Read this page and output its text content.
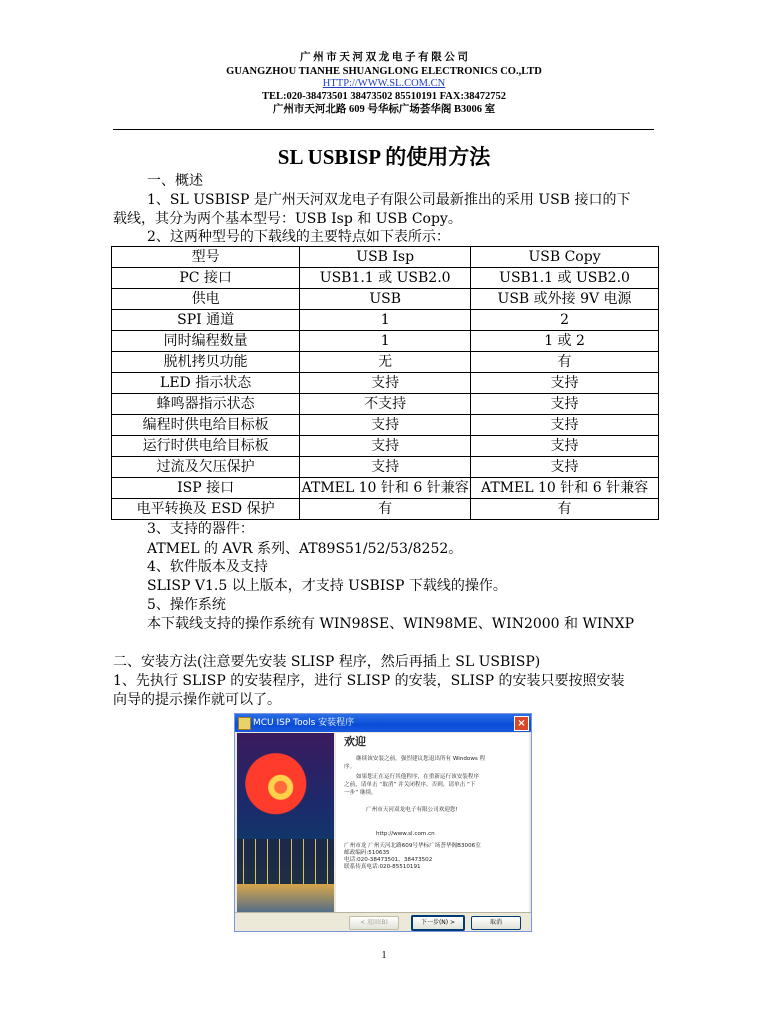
广 州 市 天 河 双 龙 电 子 有 限 公 司
GUANGZHOU TIANHE SHUANGLONG ELECTRONICS CO.,LTD
HTTP://WWW.SL.COM.CN
TEL:020-38473501 38473502 85510191 FAX:38472752
广州市天河北路 609 号华标广场荟华阁 B3006 室
SL USBISP 的使用方法
一、概述
1、SL USBISP 是广州天河双龙电子有限公司最新推出的采用 USB 接口的下
载线，其分为两个基本型号：USB Isp 和 USB Copy。
2、这两种型号的下载线的主要特点如下表所示：
型号	USB Isp	USB Copy
PC 接口	USB1.1 或 USB2.0	USB1.1 或 USB2.0
供电	USB	USB 或外接 9V 电源
SPI 通道	1	2
同时编程数量	1	1 或 2
脱机拷贝功能	无	有
LED 指示状态	支持	支持
蜂鸣器指示状态	不支持	支持
编程时供电给目标板	支持	支持
运行时供电给目标板	支持	支持
过流及欠压保护	支持	支持
ISP 接口	ATMEL 10 针和 6 针兼容	ATMEL 10 针和 6 针兼容
电平转换及 ESD 保护	有	有
3、支持的器件：
ATMEL 的 AVR 系列、AT89S51/52/53/8252。
4、软件版本及支持
SLISP V1.5 以上版本，才支持 USBISP 下载线的操作。
5、操作系统
本下载线支持的操作系统有 WIN98SE、WIN98ME、WIN2000 和 WINXP
二、安装方法(注意要先安装 SLISP 程序，然后再插上 SL USBISP)
1、先执行 SLISP 的安装程序，进行 SLISP 的安装，SLISP 的安装只要按照安装
向导的提示操作就可以了。
MCU ISP Tools 安装程序	×
欢迎
继续该安装之前，强烈建议您退出所有 Windows 程
序。
如果您正在运行其他程序，在重新运行该安装程序
之前，请单击 “取消” 并关闭程序，否则，请单击 “下
一步” 继续。
广州市天河双龙电子有限公司欢迎您!
http://www.sl.com.cn
广州市龙 广州天河北路609号华标广场荟华阁B3006室
邮政编码:510635
电话:020-38473501、38473502
联系传真电话:020-85510191
< 返回(B)	下一步(N) >	取消
1
